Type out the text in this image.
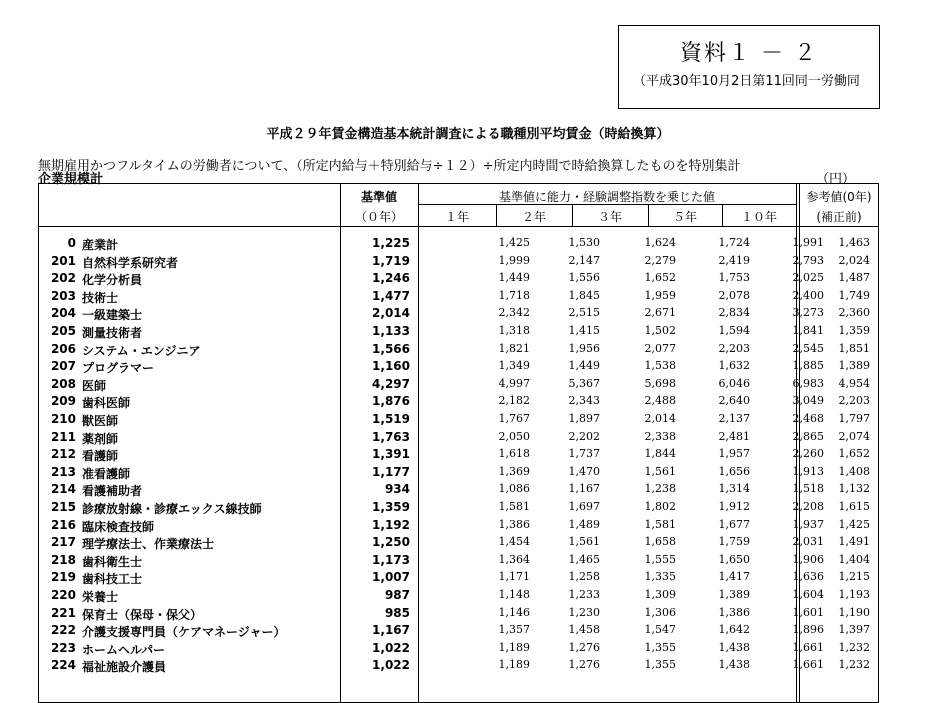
資料１ － ２
（平成30年10月2日第11回同一労働同
平成２９年賃金構造基本統計調査による職種別平均賃金（時給換算）
無期雇用かつフルタイムの労働者について、（所定内給与＋特別給与÷１２）÷所定内時間で時給換算したものを特別集計
企業規模計	（円）
基準値
（０年）
基準値に能力・経験調整指数を乗じた値
１年	２年	３年	５年	１０年
参考値(0年)
(補正前)
0 産業計	1,225	1,425	1,530	1,624	1,724	1,991	1,463
201 自然科学系研究者	1,719	1,999	2,147	2,279	2,419	2,793	2,024
202 化学分析員	1,246	1,449	1,556	1,652	1,753	2,025	1,487
203 技術士	1,477	1,718	1,845	1,959	2,078	2,400	1,749
204 一級建築士	2,014	2,342	2,515	2,671	2,834	3,273	2,360
205 測量技術者	1,133	1,318	1,415	1,502	1,594	1,841	1,359
206 システム・エンジニア	1,566	1,821	1,956	2,077	2,203	2,545	1,851
207 プログラマー	1,160	1,349	1,449	1,538	1,632	1,885	1,389
208 医師	4,297	4,997	5,367	5,698	6,046	6,983	4,954
209 歯科医師	1,876	2,182	2,343	2,488	2,640	3,049	2,203
210 獣医師	1,519	1,767	1,897	2,014	2,137	2,468	1,797
211 薬剤師	1,763	2,050	2,202	2,338	2,481	2,865	2,074
212 看護師	1,391	1,618	1,737	1,844	1,957	2,260	1,652
213 准看護師	1,177	1,369	1,470	1,561	1,656	1,913	1,408
214 看護補助者	934	1,086	1,167	1,238	1,314	1,518	1,132
215 診療放射線・診療エックス線技師	1,359	1,581	1,697	1,802	1,912	2,208	1,615
216 臨床検査技師	1,192	1,386	1,489	1,581	1,677	1,937	1,425
217 理学療法士、作業療法士	1,250	1,454	1,561	1,658	1,759	2,031	1,491
218 歯科衛生士	1,173	1,364	1,465	1,555	1,650	1,906	1,404
219 歯科技工士	1,007	1,171	1,258	1,335	1,417	1,636	1,215
220 栄養士	987	1,148	1,233	1,309	1,389	1,604	1,193
221 保育士（保母・保父）	985	1,146	1,230	1,306	1,386	1,601	1,190
222 介護支援専門員（ケアマネージャー）	1,167	1,357	1,458	1,547	1,642	1,896	1,397
223 ホームヘルパー	1,022	1,189	1,276	1,355	1,438	1,661	1,232
224 福祉施設介護員	1,022	1,189	1,276	1,355	1,438	1,661	1,232
